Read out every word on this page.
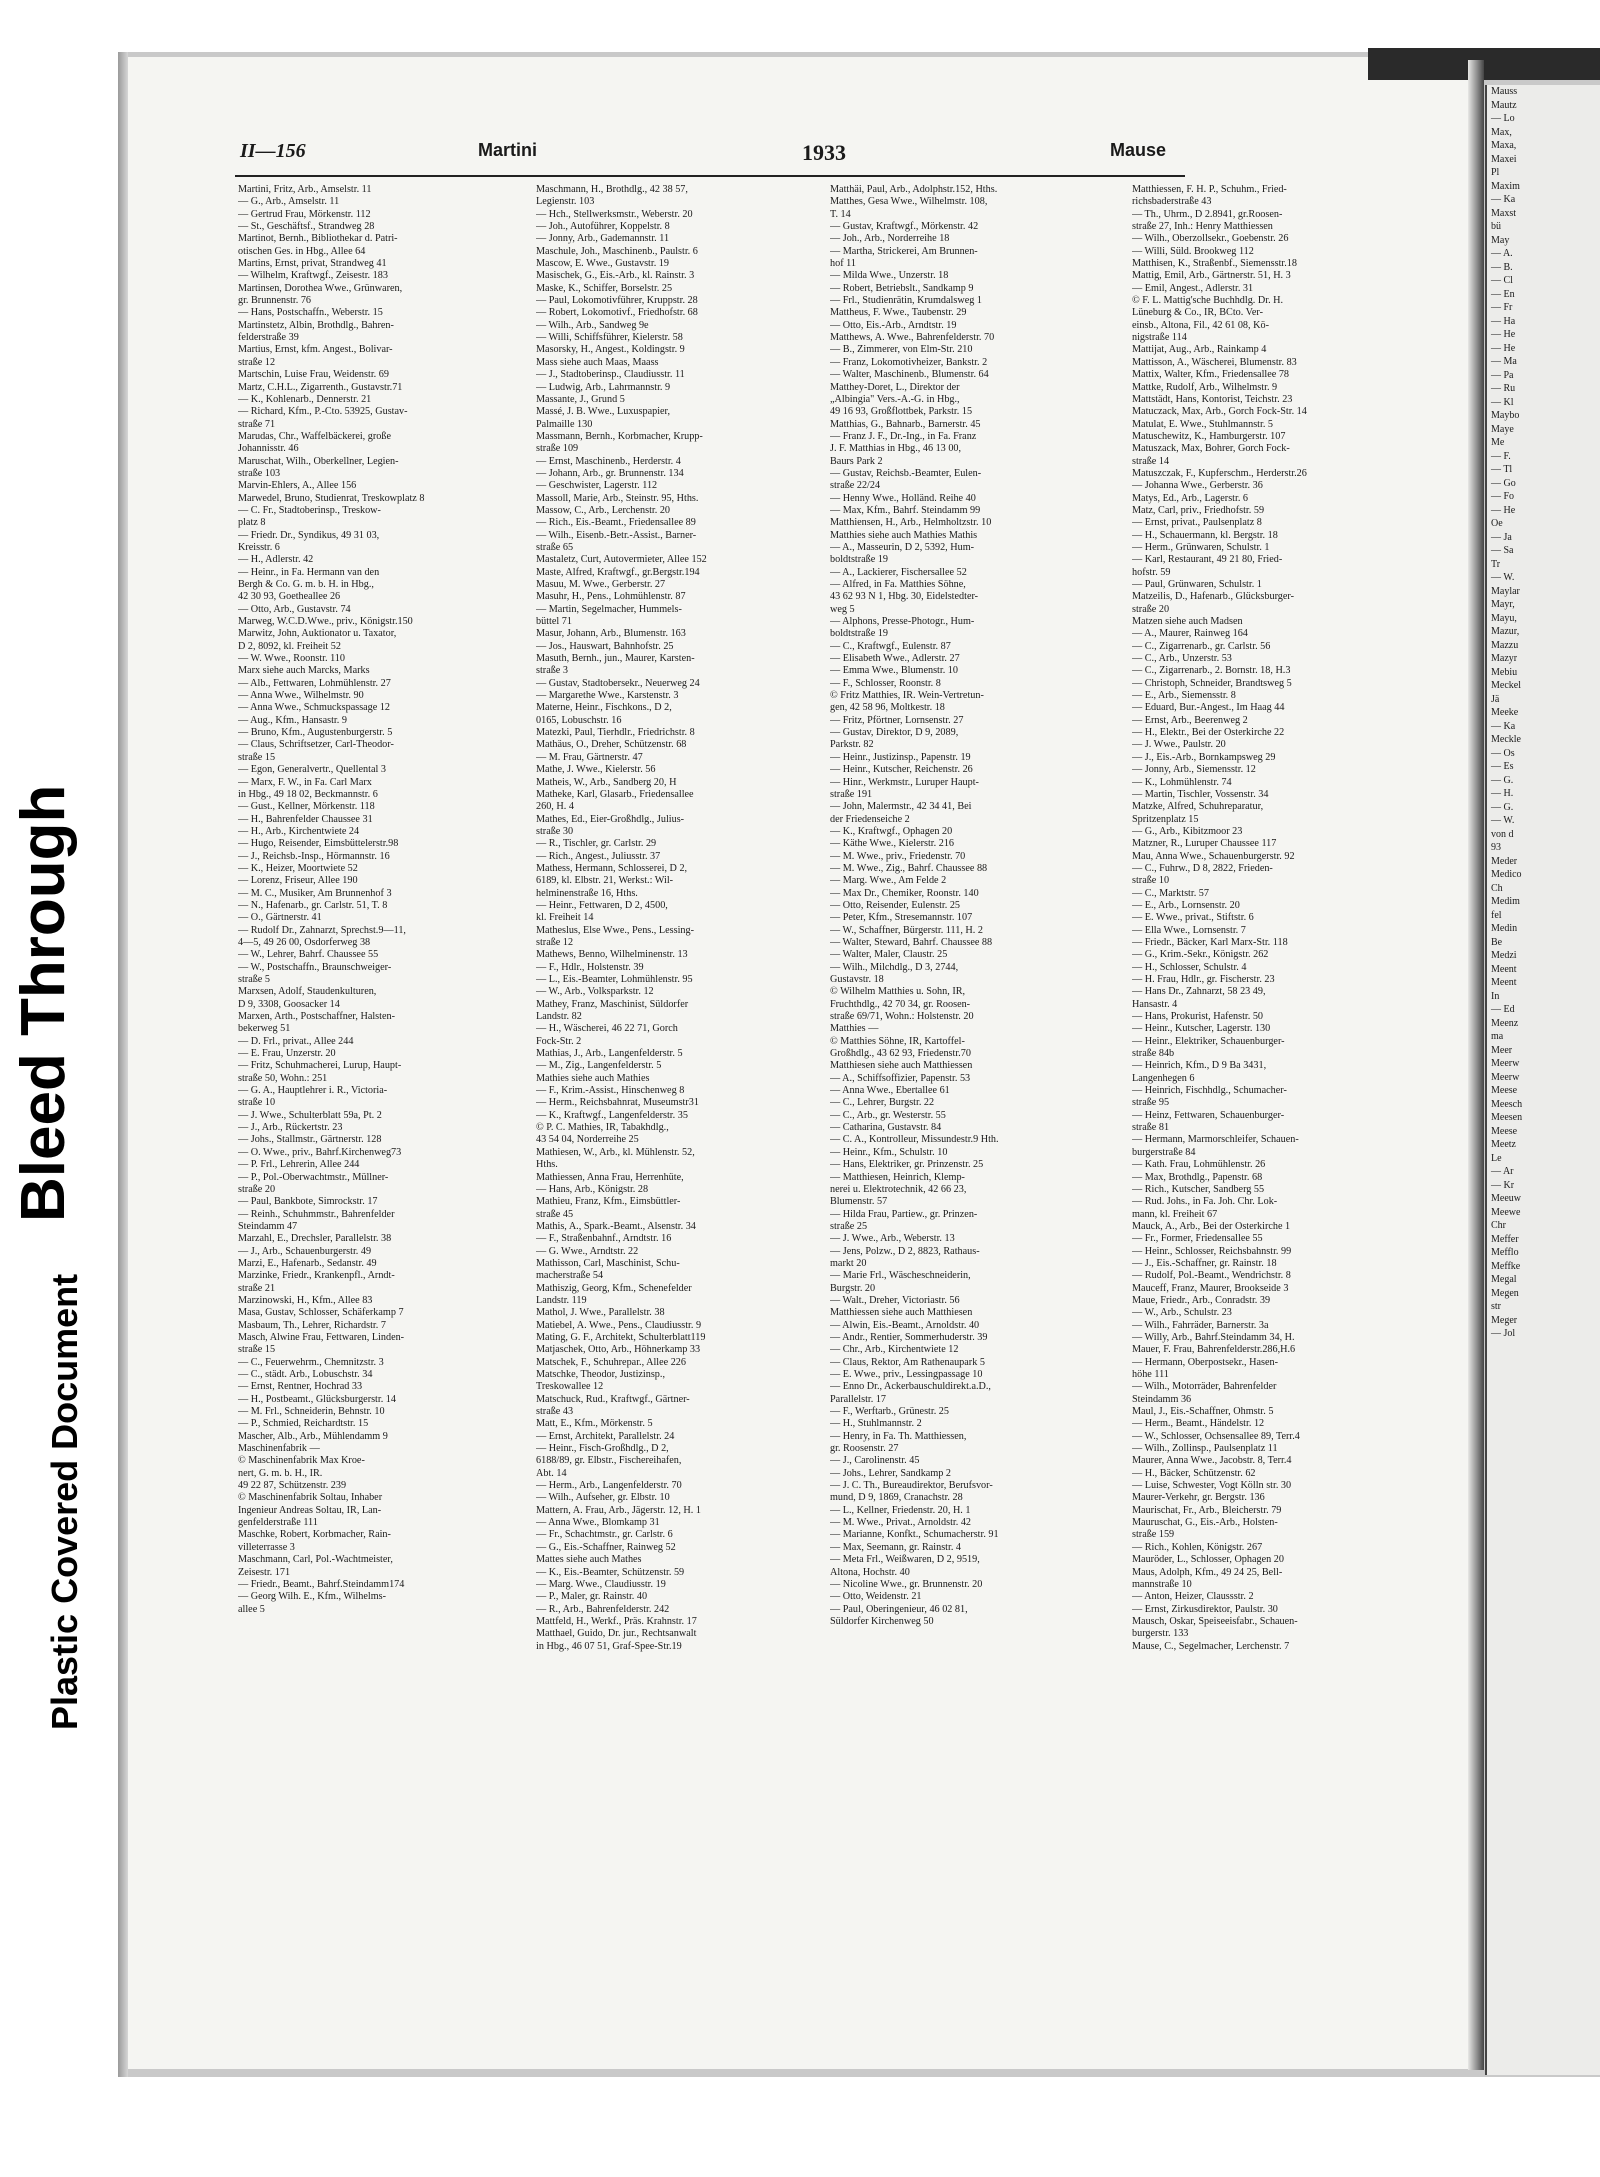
Mauss
Mautz
— Lo
Max,
Maxa,
Maxei
Pl
Maxim
— Ka
Maxst
bü
May
— A.
— B.
— Cl
— En
— Fr
— Ha
— He
— He
— Ma
— Pa
— Ru
— Kl
Maybo
Maye
Me
— F.
— Tl
— Go
— Fo
— He
Oe
— Ja
— Sa
Tr
— W.
Maylar
Mayr,
Mayu,
Mazur,
Mazzu
Mazyr
Mebiu
Meckel
Jä
Meeke
— Ka
Meckle
— Os
— Es
— G.
— H.
— G.
— W.
von d
93
Meder
Medico
Ch
Medim
fel
Medin
Be
Medzi
Meent
Meent
In
— Ed
Meenz
ma
Meer
Meerw
Meerw
Meese
Meesch
Meesen
Meese
Meetz
Le
— Ar
— Kr
Meeuw
Meewe
Chr
Meffer
Mefflo
Meffke
Megal
Megen
str
Meger
— Jol
Bleed Through
Plastic Covered Document
II—156	Martini	1933	Mause
Martini, Fritz, Arb., Amselstr. 11
— G., Arb., Amselstr. 11
— Gertrud Frau, Mörkenstr. 112
— St., Geschäftsf., Strandweg 28
Martinot, Bernh., Bibliothekar d. Patri-
otischen Ges. in Hbg., Allee 64
Martins, Ernst, privat, Strandweg 41
— Wilhelm, Kraftwgf., Zeisestr. 183
Martinsen, Dorothea Wwe., Grünwaren,
gr. Brunnenstr. 76
— Hans, Postschaffn., Weberstr. 15
Martinstetz, Albin, Brothdlg., Bahren-
felderstraße 39
Martius, Ernst, kfm. Angest., Bolivar-
straße 12
Martschin, Luise Frau, Weidenstr. 69
Martz, C.H.L., Zigarrenth., Gustavstr.71
— K., Kohlenarb., Dennerstr. 21
— Richard, Kfm., P.-Cto. 53925, Gustav-
straße 71
Marudas, Chr., Waffelbäckerei, große
Johannisstr. 46
Maruschat, Wilh., Oberkellner, Legien-
straße 103
Marvin-Ehlers, A., Allee 156
Marwedel, Bruno, Studienrat, Treskowplatz 8
— C. Fr., Stadtoberinsp., Treskow-
platz 8
— Friedr. Dr., Syndikus, 49 31 03,
Kreisstr. 6
— H., Adlerstr. 42
— Heinr., in Fa. Hermann van den
Bergh & Co. G. m. b. H. in Hbg.,
42 30 93, Goetheallee 26
— Otto, Arb., Gustavstr. 74
Marweg, W.C.D.Wwe., priv., Königstr.150
Marwitz, John, Auktionator u. Taxator,
D 2, 8092, kl. Freiheit 52
— W. Wwe., Roonstr. 110
Marx siehe auch Marcks, Marks
— Alb., Fettwaren, Lohmühlenstr. 27
— Anna Wwe., Wilhelmstr. 90
— Anna Wwe., Schmuckspassage 12
— Aug., Kfm., Hansastr. 9
— Bruno, Kfm., Augustenburgerstr. 5
— Claus, Schriftsetzer, Carl-Theodor-
straße 15
— Egon, Generalvertr., Quellental 3
— Marx, F. W., in Fa. Carl Marx
in Hbg., 49 18 02, Beckmannstr. 6
— Gust., Kellner, Mörkenstr. 118
— H., Bahrenfelder Chaussee 31
— H., Arb., Kirchentwiete 24
— Hugo, Reisender, Eimsbüttelerstr.98
— J., Reichsb.-Insp., Hörmannstr. 16
— K., Heizer, Moortwiete 52
— Lorenz, Friseur, Allee 190
— M. C., Musiker, Am Brunnenhof 3
— N., Hafenarb., gr. Carlstr. 51, T. 8
— O., Gärtnerstr. 41
— Rudolf Dr., Zahnarzt, Sprechst.9—11,
4—5, 49 26 00, Osdorferweg 38
— W., Lehrer, Bahrf. Chaussee 55
— W., Postschaffn., Braunschweiger-
straße 5
Marxsen, Adolf, Staudenkulturen,
D 9, 3308, Goosacker 14
Marxen, Arth., Postschaffner, Halsten-
bekerweg 51
— D. Frl., privat., Allee 244
— E. Frau, Unzerstr. 20
— Fritz, Schuhmacherei, Lurup, Haupt-
straße 50, Wohn.: 251
— G. A., Hauptlehrer i. R., Victoria-
straße 10
— J. Wwe., Schulterblatt 59a, Pt. 2
— J., Arb., Rückertstr. 23
— Johs., Stallmstr., Gärtnerstr. 128
— O. Wwe., priv., Bahrf.Kirchenweg73
— P. Frl., Lehrerin, Allee 244
— P., Pol.-Oberwachtmstr., Müllner-
straße 20
— Paul, Bankbote, Simrockstr. 17
— Reinh., Schuhmmstr., Bahrenfelder
Steindamm 47
Marzahl, E., Drechsler, Parallelstr. 38
— J., Arb., Schauenburgerstr. 49
Marzi, E., Hafenarb., Sedanstr. 49
Marzinke, Friedr., Krankenpfl., Arndt-
straße 21
Marzinowski, H., Kfm., Allee 83
Masa, Gustav, Schlosser, Schäferkamp 7
Masbaum, Th., Lehrer, Richardstr. 7
Masch, Alwine Frau, Fettwaren, Linden-
straße 15
— C., Feuerwehrm., Chemnitzstr. 3
— C., städt. Arb., Lobuschstr. 34
— Ernst, Rentner, Hochrad 33
— H., Postbeamt., Glücksburgerstr. 14
— M. Frl., Schneiderin, Behnstr. 10
— P., Schmied, Reichardtstr. 15
Mascher, Alb., Arb., Mühlendamm 9
Maschinenfabrik —
© Maschinenfabrik Max Kroe-
nert, G. m. b. H., IR.
49 22 87, Schützenstr. 239
© Maschinenfabrik Soltau, Inhaber
Ingenieur Andreas Soltau, IR, Lan-
genfelderstraße 111
Maschke, Robert, Korbmacher, Rain-
villeterrasse 3
Maschmann, Carl, Pol.-Wachtmeister,
Zeisestr. 171
— Friedr., Beamt., Bahrf.Steindamm174
— Georg Wilh. E., Kfm., Wilhelms-
allee 5
Maschmann, H., Brothdlg., 42 38 57,
Legienstr. 103
— Hch., Stellwerksmstr., Weberstr. 20
— Joh., Autoführer, Koppelstr. 8
— Jonny, Arb., Gademannstr. 11
Maschule, Joh., Maschinenb., Paulstr. 6
Mascow, E. Wwe., Gustavstr. 19
Masischek, G., Eis.-Arb., kl. Rainstr. 3
Maske, K., Schiffer, Borselstr. 25
— Paul, Lokomotivführer, Kruppstr. 28
— Robert, Lokomotivf., Friedhofstr. 68
— Wilh., Arb., Sandweg 9e
— Willi, Schiffsführer, Kielerstr. 58
Masorsky, H., Angest., Koldingstr. 9
Mass siehe auch Maas, Maass
— J., Stadtoberinsp., Claudiusstr. 11
— Ludwig, Arb., Lahrmannstr. 9
Massante, J., Grund 5
Massé, J. B. Wwe., Luxuspapier,
Palmaille 130
Massmann, Bernh., Korbmacher, Krupp-
straße 109
— Ernst, Maschinenb., Herderstr. 4
— Johann, Arb., gr. Brunnenstr. 134
— Geschwister, Lagerstr. 112
Massoll, Marie, Arb., Steinstr. 95, Hths.
Massow, C., Arb., Lerchenstr. 20
— Rich., Eis.-Beamt., Friedensallee 89
— Wilh., Eisenb.-Betr.-Assist., Barner-
straße 65
Mastaletz, Curt, Autovermieter, Allee 152
Maste, Alfred, Kraftwgf., gr.Bergstr.194
Masuu, M. Wwe., Gerberstr. 27
Masuhr, H., Pens., Lohmühlenstr. 87
— Martin, Segelmacher, Hummels-
büttel 71
Masur, Johann, Arb., Blumenstr. 163
— Jos., Hauswart, Bahnhofstr. 25
Masuth, Bernh., jun., Maurer, Karsten-
straße 3
— Gustav, Stadtobersekr., Neuerweg 24
— Margarethe Wwe., Karstenstr. 3
Materne, Heinr., Fischkons., D 2,
0165, Lobuschstr. 16
Matezki, Paul, Tierhdlr., Friedrichstr. 8
Mathäus, O., Dreher, Schützenstr. 68
— M. Frau, Gärtnerstr. 47
Mathe, J. Wwe., Kielerstr. 56
Matheis, W., Arb., Sandberg 20, H
Matheke, Karl, Glasarb., Friedensallee
260, H. 4
Mathes, Ed., Eier-Großhdlg., Julius-
straße 30
— R., Tischler, gr. Carlstr. 29
— Rich., Angest., Juliusstr. 37
Mathess, Hermann, Schlosserei, D 2,
6189, kl. Elbstr. 21, Werkst.: Wil-
helminenstraße 16, Hths.
— Heinr., Fettwaren, D 2, 4500,
kl. Freiheit 14
Matheslus, Else Wwe., Pens., Lessing-
straße 12
Mathews, Benno, Wilhelminenstr. 13
— F., Hdlr., Holstenstr. 39
— L., Eis.-Beamter, Lohmühlenstr. 95
— W., Arb., Volksparkstr. 12
Mathey, Franz, Maschinist, Süldorfer
Landstr. 82
— H., Wäscherei, 46 22 71, Gorch
Fock-Str. 2
Mathias, J., Arb., Langenfelderstr. 5
— M., Zig., Langenfelderstr. 5
Mathies siehe auch Mathies
— F., Krim.-Assist., Hinschenweg 8
— Herm., Reichsbahnrat, Museumstr31
— K., Kraftwgf., Langenfelderstr. 35
© P. C. Mathies, IR, Tabakhdlg.,
43 54 04, Norderreihe 25
Mathiesen, W., Arb., kl. Mühlenstr. 52,
Hths.
Mathiessen, Anna Frau, Herrenhüte,
— Hans, Arb., Königstr. 28
Mathieu, Franz, Kfm., Eimsbüttler-
straße 45
Mathis, A., Spark.-Beamt., Alsenstr. 34
— F., Straßenbahnf., Arndtstr. 16
— G. Wwe., Arndtstr. 22
Mathisson, Carl, Maschinist, Schu-
macherstraße 54
Mathiszig, Georg, Kfm., Schenefelder
Landstr. 119
Mathol, J. Wwe., Parallelstr. 38
Matiebel, A. Wwe., Pens., Claudiusstr. 9
Mating, G. F., Architekt, Schulterblatt119
Matjaschek, Otto, Arb., Höhnerkamp 33
Matschek, F., Schuhrepar., Allee 226
Matschke, Theodor, Justizinsp.,
Treskowallee 12
Matschuck, Rud., Kraftwgf., Gärtner-
straße 43
Matt, E., Kfm., Mörkenstr. 5
— Ernst, Architekt, Parallelstr. 24
— Heinr., Fisch-Großhdlg., D 2,
6188/89, gr. Elbstr., Fischereihafen,
Abt. 14
— Herm., Arb., Langenfelderstr. 70
— Wilh., Aufseher, gr. Elbstr. 10
Mattern, A. Frau, Arb., Jägerstr. 12, H. 1
— Anna Wwe., Blomkamp 31
— Fr., Schachtmstr., gr. Carlstr. 6
— G., Eis.-Schaffner, Rainweg 52
Mattes siehe auch Mathes
— K., Eis.-Beamter, Schützenstr. 59
— Marg. Wwe., Claudiusstr. 19
— P., Maler, gr. Rainstr. 40
— R., Arb., Bahrenfelderstr. 242
Mattfeld, H., Werkf., Präs. Krahnstr. 17
Matthael, Guido, Dr. jur., Rechtsanwalt
in Hbg., 46 07 51, Graf-Spee-Str.19
Matthäi, Paul, Arb., Adolphstr.152, Hths.
Matthes, Gesa Wwe., Wilhelmstr. 108,
T. 14
— Gustav, Kraftwgf., Mörkenstr. 42
— Joh., Arb., Norderreihe 18
— Martha, Strickerei, Am Brunnen-
hof 11
— Milda Wwe., Unzerstr. 18
— Robert, Betriebslt., Sandkamp 9
— Frl., Studienrätin, Krumdalsweg 1
Mattheus, F. Wwe., Taubenstr. 29
— Otto, Eis.-Arb., Arndtstr. 19
Matthews, A. Wwe., Bahrenfelderstr. 70
— B., Zimmerer, von Elm-Str. 210
— Franz, Lokomotivheizer, Bankstr. 2
— Walter, Maschinenb., Blumenstr. 64
Matthey-Doret, L., Direktor der
„Albingia" Vers.-A.-G. in Hbg.,
49 16 93, Großflottbek, Parkstr. 15
Matthias, G., Bahnarb., Barnerstr. 45
— Franz J. F., Dr.-Ing., in Fa. Franz
J. F. Matthias in Hbg., 46 13 00,
Baurs Park 2
— Gustav, Reichsb.-Beamter, Eulen-
straße 22/24
— Henny Wwe., Holländ. Reihe 40
— Max, Kfm., Bahrf. Steindamm 99
Matthiensen, H., Arb., Helmholtzstr. 10
Matthies siehe auch Mathies Mathis
— A., Masseurin, D 2, 5392, Hum-
boldtstraße 19
— A., Lackierer, Fischersallee 52
— Alfred, in Fa. Matthies Söhne,
43 62 93 N 1, Hbg. 30, Eidelstedter-
weg 5
— Alphons, Presse-Photogr., Hum-
boldtstraße 19
— C., Kraftwgf., Eulenstr. 87
— Elisabeth Wwe., Adlerstr. 27
— Emma Wwe., Blumenstr. 10
— F., Schlosser, Roonstr. 8
© Fritz Matthies, IR. Wein-Vertretun-
gen, 42 58 96, Moltkestr. 18
— Fritz, Pförtner, Lornsenstr. 27
— Gustav, Direktor, D 9, 2089,
Parkstr. 82
— Heinr., Justizinsp., Papenstr. 19
— Heinr., Kutscher, Reichenstr. 26
— Hinr., Werkmstr., Luruper Haupt-
straße 191
— John, Malermstr., 42 34 41, Bei
der Friedenseiche 2
— K., Kraftwgf., Ophagen 20
— Käthe Wwe., Kielerstr. 216
— M. Wwe., priv., Friedenstr. 70
— M. Wwe., Zig., Bahrf. Chaussee 88
— Marg. Wwe., Am Felde 2
— Max Dr., Chemiker, Roonstr. 140
— Otto, Reisender, Eulenstr. 25
— Peter, Kfm., Stresemannstr. 107
— W., Schaffner, Bürgerstr. 111, H. 2
— Walter, Steward, Bahrf. Chaussee 88
— Walter, Maler, Claustr. 25
— Wilh., Milchdlg., D 3, 2744,
Gustavstr. 18
© Wilhelm Matthies u. Sohn, IR,
Fruchthdlg., 42 70 34, gr. Roosen-
straße 69/71, Wohn.: Holstenstr. 20
Matthies —
© Matthies Söhne, IR, Kartoffel-
Großhdlg., 43 62 93, Friedenstr.70
Matthiesen siehe auch Matthiessen
— A., Schiffsoffizier, Papenstr. 53
— Anna Wwe., Ebertallee 61
— C., Lehrer, Burgstr. 22
— C., Arb., gr. Westerstr. 55
— Catharina, Gustavstr. 84
— C. A., Kontrolleur, Missundestr.9 Hth.
— Heinr., Kfm., Schulstr. 10
— Hans, Elektriker, gr. Prinzenstr. 25
— Matthiesen, Heinrich, Klemp-
nerei u. Elektrotechnik, 42 66 23,
Blumenstr. 57
— Hilda Frau, Partiew., gr. Prinzen-
straße 25
— J. Wwe., Arb., Weberstr. 13
— Jens, Polzw., D 2, 8823, Rathaus-
markt 20
— Marie Frl., Wäscheschneiderin,
Burgstr. 20
— Walt., Dreher, Victoriastr. 56
Matthiessen siehe auch Matthiesen
— Alwin, Eis.-Beamt., Arnoldstr. 40
— Andr., Rentier, Sommerhuderstr. 39
— Chr., Arb., Kirchentwiete 12
— Claus, Rektor, Am Rathenaupark 5
— E. Wwe., priv., Lessingpassage 10
— Enno Dr., Ackerbauschuldirekt.a.D.,
Parallelstr. 17
— F., Werftarb., Grünestr. 25
— H., Stuhlmannstr. 2
— Henry, in Fa. Th. Matthiessen,
gr. Roosenstr. 27
— J., Carolinenstr. 45
— Johs., Lehrer, Sandkamp 2
— J. C. Th., Bureaudirektor, Berufsvor-
mund, D 9, 1869, Cranachstr. 28
— L., Kellner, Friedenstr. 20, H. 1
— M. Wwe., Privat., Arnoldstr. 42
— Marianne, Konfkt., Schumacherstr. 91
— Max, Seemann, gr. Rainstr. 4
— Meta Frl., Weißwaren, D 2, 9519,
Altona, Hochstr. 40
— Nicoline Wwe., gr. Brunnenstr. 20
— Otto, Weidenstr. 21
— Paul, Oberingenieur, 46 02 81,
Süldorfer Kirchenweg 50
Matthiessen, F. H. P., Schuhm., Fried-
richsbaderstraße 43
— Th., Uhrm., D 2.8941, gr.Roosen-
straße 27, Inh.: Henry Matthiessen
— Wilh., Oberzollsekr., Goebenstr. 26
— Willi, Süld. Brookweg 112
Matthisen, K., Straßenbf., Siemensstr.18
Mattig, Emil, Arb., Gärtnerstr. 51, H. 3
— Emil, Angest., Adlerstr. 31
© F. L. Mattig'sche Buchhdlg. Dr. H.
Lüneburg & Co., IR, BCto. Ver-
einsb., Altona, Fil., 42 61 08, Kö-
nigstraße 114
Mattijat, Aug., Arb., Rainkamp 4
Mattisson, A., Wäscherei, Blumenstr. 83
Mattix, Walter, Kfm., Friedensallee 78
Mattke, Rudolf, Arb., Wilhelmstr. 9
Mattstädt, Hans, Kontorist, Teichstr. 23
Matuczack, Max, Arb., Gorch Fock-Str. 14
Matulat, E. Wwe., Stuhlmannstr. 5
Matuschewitz, K., Hamburgerstr. 107
Matuszack, Max, Bohrer, Gorch Fock-
straße 14
Matuszczak, F., Kupferschm., Herderstr.26
— Johanna Wwe., Gerberstr. 36
Matys, Ed., Arb., Lagerstr. 6
Matz, Carl, priv., Friedhofstr. 59
— Ernst, privat., Paulsenplatz 8
— H., Schauermann, kl. Bergstr. 18
— Herm., Grünwaren, Schulstr. 1
— Karl, Restaurant, 49 21 80, Fried-
hofstr. 59
— Paul, Grünwaren, Schulstr. 1
Matzeilis, D., Hafenarb., Glücksburger-
straße 20
Matzen siehe auch Madsen
— A., Maurer, Rainweg 164
— C., Zigarrenarb., gr. Carlstr. 56
— C., Arb., Unzerstr. 53
— C., Zigarrenarb., 2. Bornstr. 18, H.3
— Christoph, Schneider, Brandtsweg 5
— E., Arb., Siemensstr. 8
— Eduard, Bur.-Angest., Im Haag 44
— Ernst, Arb., Beerenweg 2
— H., Elektr., Bei der Osterkirche 22
— J. Wwe., Paulstr. 20
— J., Eis.-Arb., Bornkampsweg 29
— Jonny, Arb., Siemensstr. 12
— K., Lohmühlenstr. 74
— Martin, Tischler, Vossenstr. 34
Matzke, Alfred, Schuhreparatur,
Spritzenplatz 15
— G., Arb., Kibitzmoor 23
Matzner, R., Luruper Chaussee 117
Mau, Anna Wwe., Schauenburgerstr. 92
— C., Fuhrw., D 8, 2822, Frieden-
straße 10
— C., Marktstr. 57
— E., Arb., Lornsenstr. 20
— E. Wwe., privat., Stiftstr. 6
— Ella Wwe., Lornsenstr. 7
— Friedr., Bäcker, Karl Marx-Str. 118
— G., Krim.-Sekr., Königstr. 262
— H., Schlosser, Schulstr. 4
— H. Frau, Hdlr., gr. Fischerstr. 23
— Hans Dr., Zahnarzt, 58 23 49,
Hansastr. 4
— Hans, Prokurist, Hafenstr. 50
— Heinr., Kutscher, Lagerstr. 130
— Heinr., Elektriker, Schauenburger-
straße 84b
— Heinrich, Kfm., D 9 Ba 3431,
Langenhegen 6
— Heinrich, Fischhdlg., Schumacher-
straße 95
— Heinz, Fettwaren, Schauenburger-
straße 81
— Hermann, Marmorschleifer, Schauen-
burgerstraße 84
— Kath. Frau, Lohmühlenstr. 26
— Max, Brothdlg., Papenstr. 68
— Rich., Kutscher, Sandberg 55
— Rud. Johs., in Fa. Joh. Chr. Lok-
mann, kl. Freiheit 67
Mauck, A., Arb., Bei der Osterkirche 1
— Fr., Former, Friedensallee 55
— Heinr., Schlosser, Reichsbahnstr. 99
— J., Eis.-Schaffner, gr. Rainstr. 18
— Rudolf, Pol.-Beamt., Wendrichstr. 8
Mauceff, Franz, Maurer, Brookseide 3
Maue, Friedr., Arb., Conradstr. 39
— W., Arb., Schulstr. 23
— Wilh., Fahrräder, Barnerstr. 3a
— Willy, Arb., Bahrf.Steindamm 34, H.
Mauer, F. Frau, Bahrenfelderstr.286,H.6
— Hermann, Oberpostsekr., Hasen-
höhe 111
— Wilh., Motorräder, Bahrenfelder
Steindamm 36
Maul, J., Eis.-Schaffner, Ohmstr. 5
— Herm., Beamt., Händelstr. 12
— W., Schlosser, Ochsensallee 89, Terr.4
— Wilh., Zollinsp., Paulsenplatz 11
Maurer, Anna Wwe., Jacobstr. 8, Terr.4
— H., Bäcker, Schützenstr. 62
— Luise, Schwester, Vogt Kölln str. 30
Maurer-Verkehr, gr. Bergstr. 136
Maurischat, Fr., Arb., Bleicherstr. 79
Mauruschat, G., Eis.-Arb., Holsten-
straße 159
— Rich., Kohlen, Königstr. 267
Mauröder, L., Schlosser, Ophagen 20
Maus, Adolph, Kfm., 49 24 25, Bell-
mannstraße 10
— Anton, Heizer, Claussstr. 2
— Ernst, Zirkusdirektor, Paulstr. 30
Mausch, Oskar, Speiseeisfabr., Schauen-
burgerstr. 133
Mause, C., Segelmacher, Lerchenstr. 7
